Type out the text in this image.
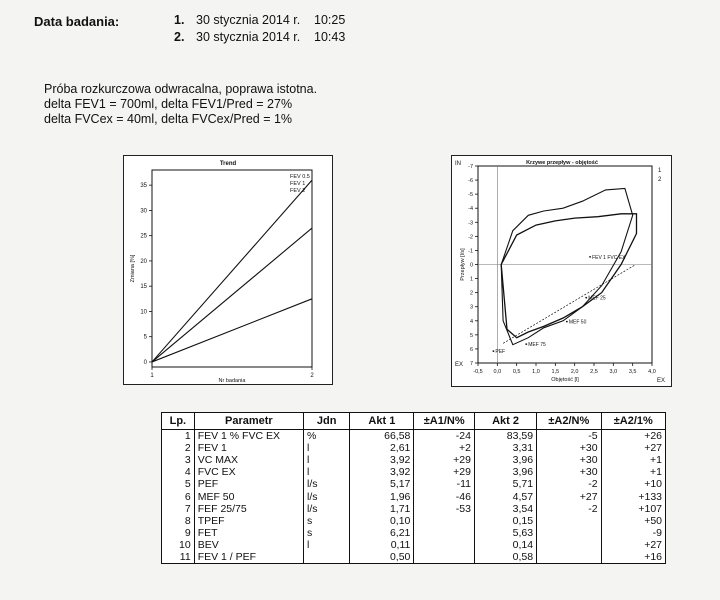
Data badania:	1. 30 stycznia 2014 r. 10:25
2. 30 stycznia 2014 r. 10:43
Próba rozkurczowa odwracalna, poprawa istotna.
delta FEV1 = 700ml, delta FEV1/Pred = 27%
delta FVCex = 40ml, delta FVCex/Pred = 1%
Trend
0
5
10
15
20
25
30
35
1	2
Nr badania
Zmiana [%]
FEV 0.5
FEV 1
FEV 2
Krzywe przepływ - objętość
-7
-6
-5
-4
-3
-2
-1
0
1
2
3
4
5
6
7
-0,5 0,0 0,5 1,0 1,5 2,0 2,5 3,0 3,5 4,0
Objętość [l]
Przepływ [l/s]
IN
EX
EX
1
2
FEV 1 FVC EX
MEF 25
MEF 50
MEF 75
PEF
Lp.	Parametr	Jdn	Akt 1	±A1/N%	Akt 2	±A2/N%	±A2/1%
1	FEV 1 % FVC EX	%	66,58	-24	83,59	-5	+26
2	FEV 1	l	2,61	+2	3,31	+30	+27
3	VC MAX	l	3,92	+29	3,96	+30	+1
4	FVC EX	l	3,92	+29	3,96	+30	+1
5	PEF	l/s	5,17	-11	5,71	-2	+10
6	MEF 50	l/s	1,96	-46	4,57	+27	+133
7	FEF 25/75	l/s	1,71	-53	3,54	-2	+107
8	TPEF	s	0,10		0,15		+50
9	FET	s	6,21		5,63		-9
10	BEV	l	0,11		0,14		+27
11	FEV 1 / PEF		0,50		0,58		+16
